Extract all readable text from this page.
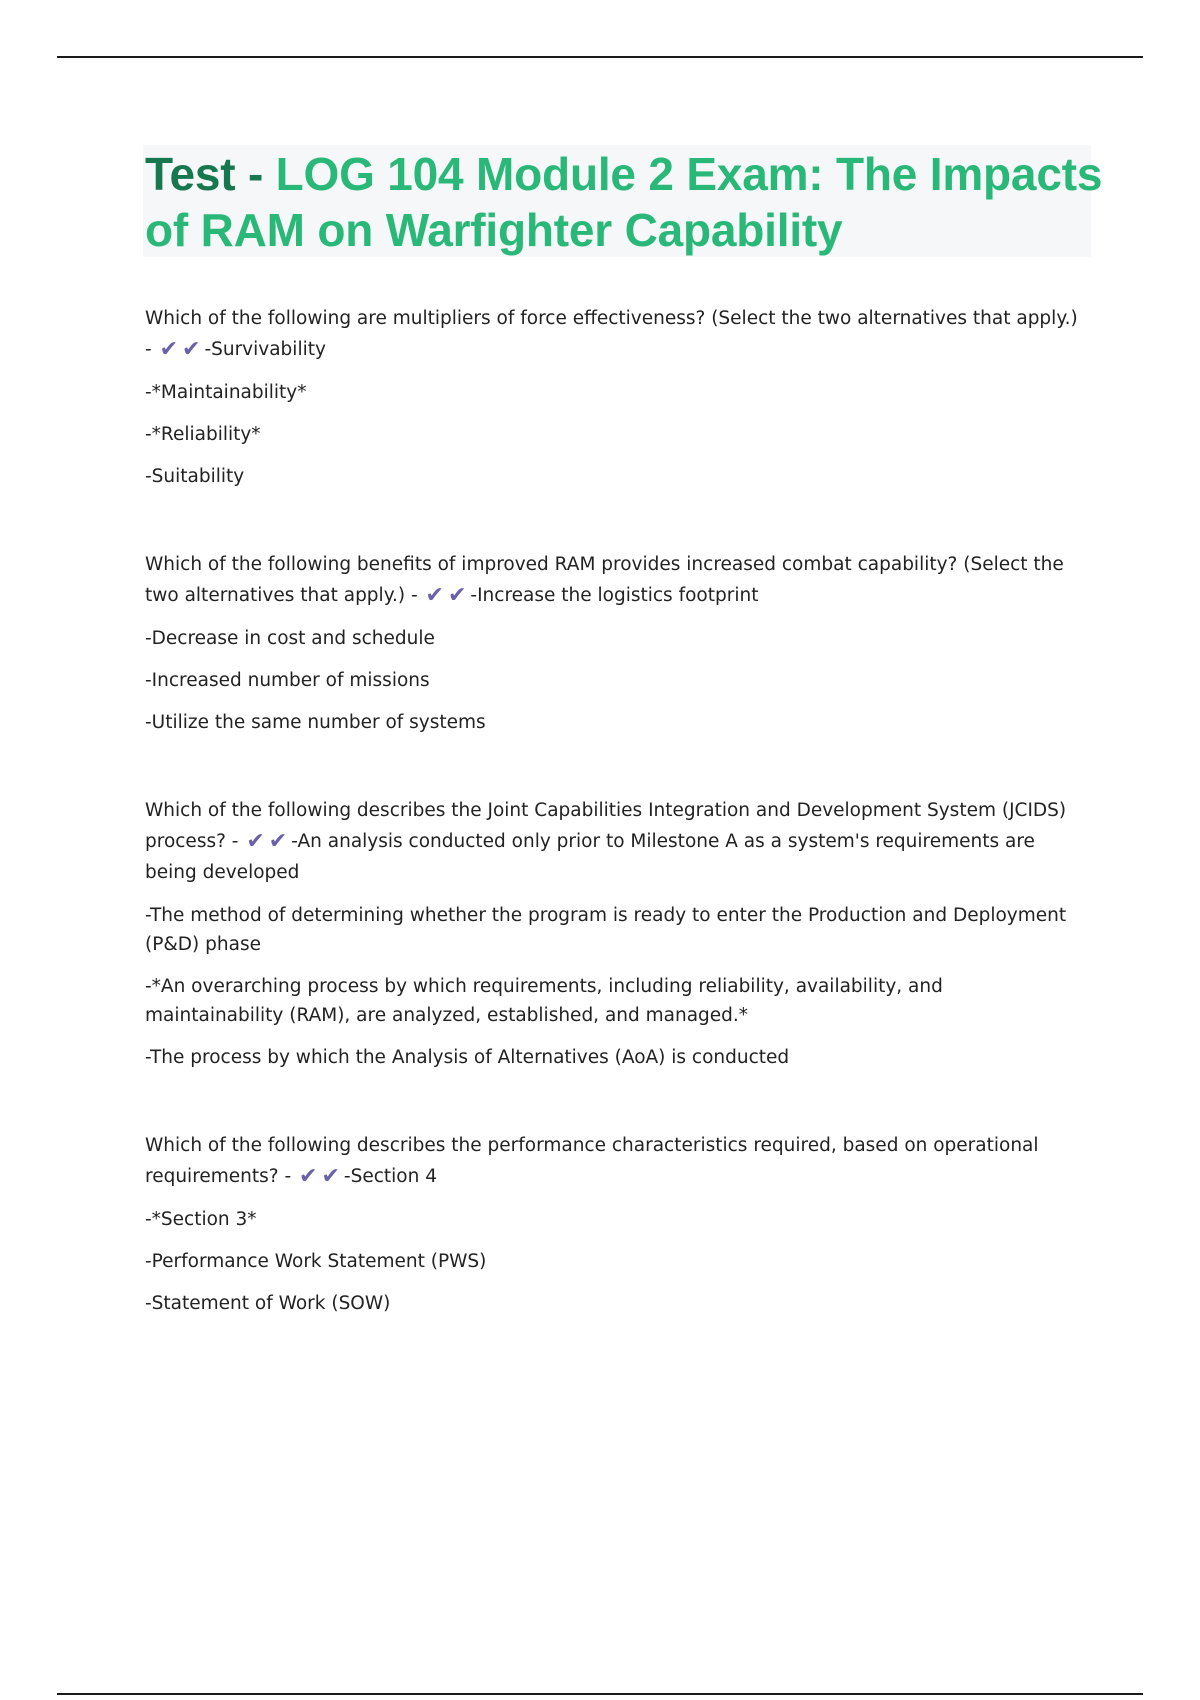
Test - LOG 104 Module 2 Exam: The Impacts of RAM on Warfighter Capability

Which of the following are multipliers of force effectiveness? (Select the two alternatives that apply.) - ✔✔-Survivability

-*Maintainability*

-*Reliability*

-Suitability

Which of the following benefits of improved RAM provides increased combat capability? (Select the two alternatives that apply.) - ✔✔-Increase the logistics footprint

-Decrease in cost and schedule

-Increased number of missions

-Utilize the same number of systems

Which of the following describes the Joint Capabilities Integration and Development System (JCIDS) process? - ✔✔-An analysis conducted only prior to Milestone A as a system's requirements are being developed

-The method of determining whether the program is ready to enter the Production and Deployment (P&D) phase

-*An overarching process by which requirements, including reliability, availability, and maintainability (RAM), are analyzed, established, and managed.*

-The process by which the Analysis of Alternatives (AoA) is conducted

Which of the following describes the performance characteristics required, based on operational requirements? - ✔✔-Section 4

-*Section 3*

-Performance Work Statement (PWS)

-Statement of Work (SOW)
